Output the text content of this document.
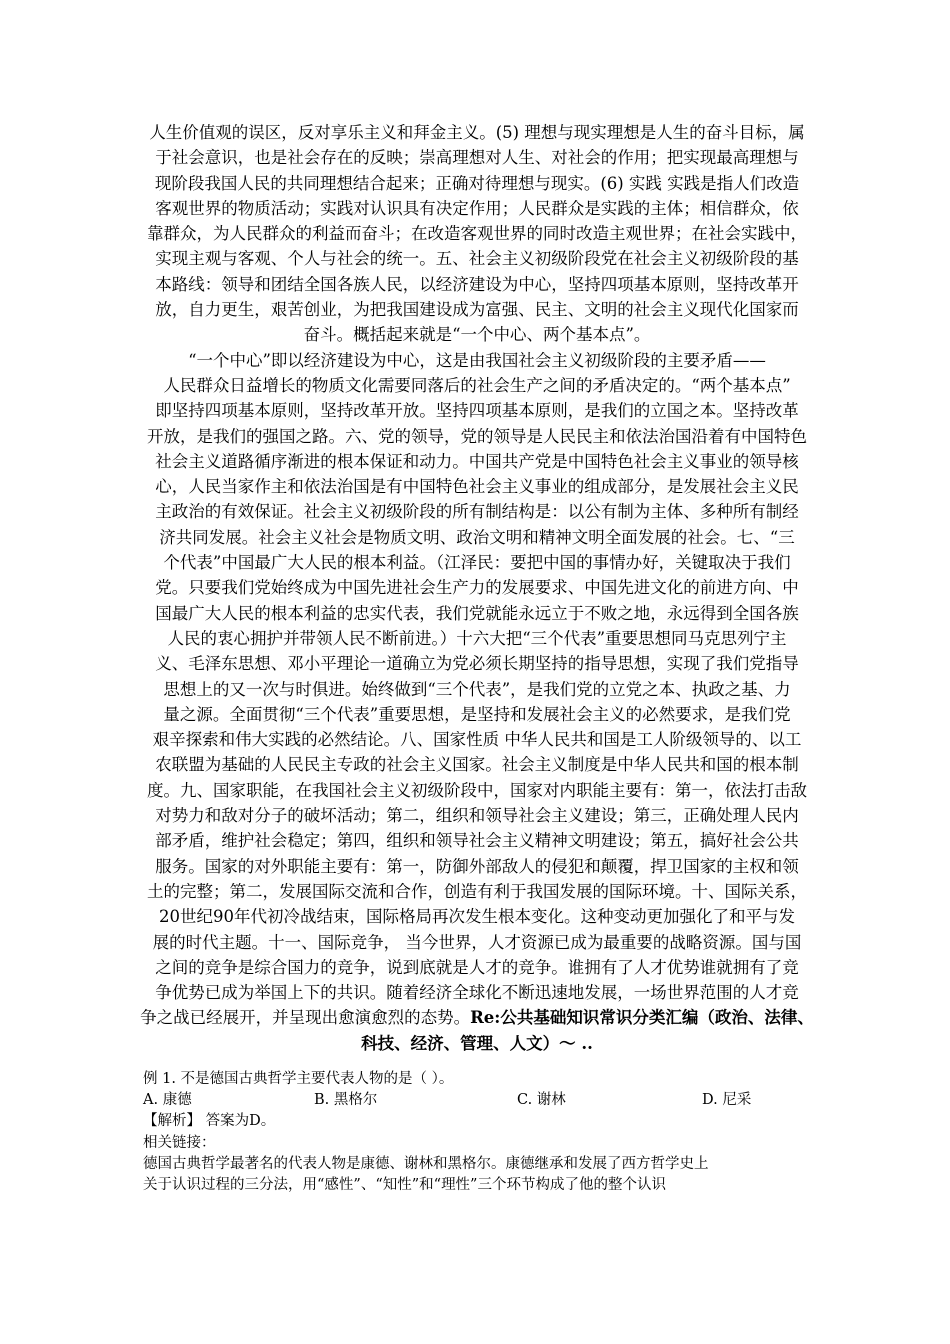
人生价值观的误区，反对享乐主义和拜金主义。(5) 理想与现实理想是人生的奋斗目标，属

于社会意识，也是社会存在的反映；崇高理想对人生、对社会的作用；把实现最高理想与

现阶段我国人民的共同理想结合起来；正确对待理想与现实。(6) 实践 实践是指人们改造

客观世界的物质活动；实践对认识具有决定作用；人民群众是实践的主体；相信群众，依

靠群众，为人民群众的利益而奋斗；在改造客观世界的同时改造主观世界；在社会实践中，

实现主观与客观、个人与社会的统一。五、社会主义初级阶段党在社会主义初级阶段的基

本路线：领导和团结全国各族人民，以经济建设为中心，坚持四项基本原则，坚持改革开

放，自力更生，艰苦创业，为把我国建设成为富强、民主、文明的社会主义现代化国家而

奋斗。概括起来就是“一个中心、两个基本点”。

“一个中心”即以经济建设为中心，这是由我国社会主义初级阶段的主要矛盾——

人民群众日益增长的物质文化需要同落后的社会生产之间的矛盾决定的。“两个基本点”

即坚持四项基本原则，坚持改革开放。坚持四项基本原则，是我们的立国之本。坚持改革

开放，是我们的强国之路。六、党的领导，党的领导是人民民主和依法治国沿着有中国特色

社会主义道路循序渐进的根本保证和动力。中国共产党是中国特色社会主义事业的领导核

心，人民当家作主和依法治国是有中国特色社会主义事业的组成部分，是发展社会主义民

主政治的有效保证。社会主义初级阶段的所有制结构是：以公有制为主体、多种所有制经

济共同发展。社会主义社会是物质文明、政治文明和精神文明全面发展的社会。七、“三

个代表”中国最广大人民的根本利益。（江泽民：要把中国的事情办好，关键取决于我们

党。只要我们党始终成为中国先进社会生产力的发展要求、中国先进文化的前进方向、中

国最广大人民的根本利益的忠实代表，我们党就能永远立于不败之地，永远得到全国各族

人民的衷心拥护并带领人民不断前进。）十六大把“三个代表”重要思想同马克思列宁主

义、毛泽东思想、邓小平理论一道确立为党必须长期坚持的指导思想，实现了我们党指导

思想上的又一次与时俱进。始终做到“三个代表”，是我们党的立党之本、执政之基、力

量之源。全面贯彻“三个代表”重要思想，是坚持和发展社会主义的必然要求，是我们党

艰辛探索和伟大实践的必然结论。八、国家性质 中华人民共和国是工人阶级领导的、以工

农联盟为基础的人民民主专政的社会主义国家。社会主义制度是中华人民共和国的根本制

度。九、国家职能，在我国社会主义初级阶段中，国家对内职能主要有：第一，依法打击敌

对势力和敌对分子的破坏活动；第二，组织和领导社会主义建设；第三，正确处理人民内

部矛盾，维护社会稳定；第四，组织和领导社会主义精神文明建设；第五，搞好社会公共

服务。国家的对外职能主要有：第一，防御外部敌人的侵犯和颠覆，捍卫国家的主权和领

土的完整；第二，发展国际交流和合作，创造有利于我国发展的国际环境。十、国际关系，

20世纪90年代初冷战结束，国际格局再次发生根本变化。这种变动更加强化了和平与发

展的时代主题。十一、国际竞争， 当今世界，人才资源已成为最重要的战略资源。国与国

之间的竞争是综合国力的竞争，说到底就是人才的竞争。谁拥有了人才优势谁就拥有了竞

争优势已成为举国上下的共识。随着经济全球化不断迅速地发展，一场世界范围的人才竞

争之战已经展开，并呈现出愈演愈烈的态势。Re:公共基础知识常识分类汇编（政治、法律、

科技、经济、管理、人文）～ ..

例 1. 不是德国古典哲学主要代表人物的是（ ）。

A. 康德	B. 黑格尔	C. 谢林	D. 尼采

【解析】 答案为D。

相关链接：

德国古典哲学最著名的代表人物是康德、谢林和黑格尔。康德继承和发展了西方哲学史上

关于认识过程的三分法，用“感性”、“知性”和“理性”三个环节构成了他的整个认识
